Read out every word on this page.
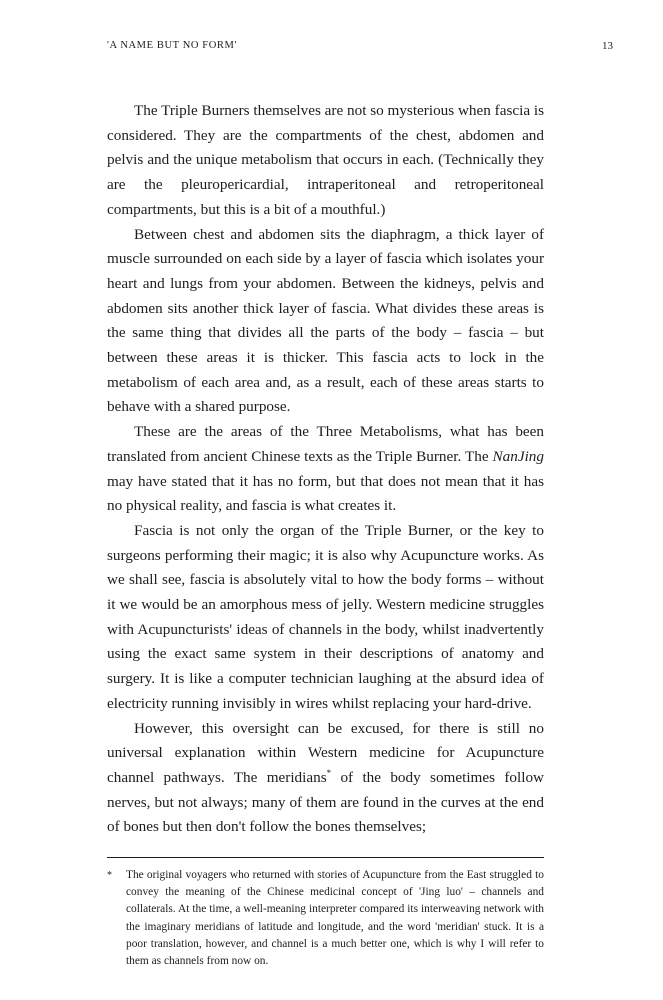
'A NAME BUT NO FORM'	13

The Triple Burners themselves are not so mysterious when fascia is considered. They are the compartments of the chest, abdomen and pelvis and the unique metabolism that occurs in each. (Technically they are the pleuropericardial, intraperitoneal and retroperitoneal compartments, but this is a bit of a mouthful.)

Between chest and abdomen sits the diaphragm, a thick layer of muscle surrounded on each side by a layer of fascia which isolates your heart and lungs from your abdomen. Between the kidneys, pelvis and abdomen sits another thick layer of fascia. What divides these areas is the same thing that divides all the parts of the body – fascia – but between these areas it is thicker. This fascia acts to lock in the metabolism of each area and, as a result, each of these areas starts to behave with a shared purpose.

These are the areas of the Three Metabolisms, what has been translated from ancient Chinese texts as the Triple Burner. The NanJing may have stated that it has no form, but that does not mean that it has no physical reality, and fascia is what creates it.

Fascia is not only the organ of the Triple Burner, or the key to surgeons performing their magic; it is also why Acupuncture works. As we shall see, fascia is absolutely vital to how the body forms – without it we would be an amorphous mess of jelly. Western medicine struggles with Acupuncturists' ideas of channels in the body, whilst inadvertently using the exact same system in their descriptions of anatomy and surgery. It is like a computer technician laughing at the absurd idea of electricity running invisibly in wires whilst replacing your hard-drive.

However, this oversight can be excused, for there is still no universal explanation within Western medicine for Acupuncture channel pathways. The meridians* of the body sometimes follow nerves, but not always; many of them are found in the curves at the end of bones but then don't follow the bones themselves;

*	The original voyagers who returned with stories of Acupuncture from the East struggled to convey the meaning of the Chinese medicinal concept of 'Jing luo' – channels and collaterals. At the time, a well-meaning interpreter compared its interweaving network with the imaginary meridians of latitude and longitude, and the word 'meridian' stuck. It is a poor translation, however, and channel is a much better one, which is why I will refer to them as channels from now on.
